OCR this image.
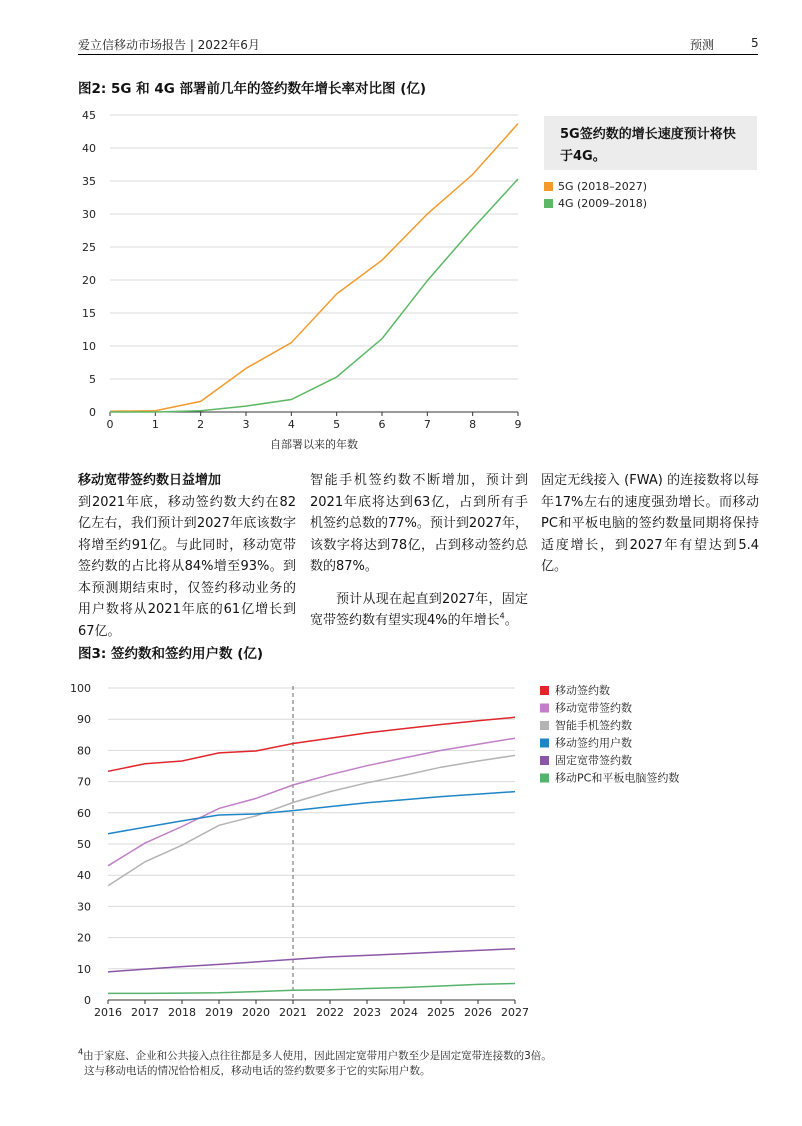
爱立信移动市场报告 | 2022年6月	预测	5
图2: 5G 和 4G 部署前几年的签约数年增长率对比图 (亿)
0
5
10
15
20
25
30
35
40
45
0	1	2	3	4	5	6	7	8	9
自部署以来的年数
5G签约数的增长速度预计将快于4G。
5G (2018–2027)
4G (2009–2018)
移动宽带签约数日益增加

到2021年底，移动签约数大约在82亿左右，我们预计到2027年底该数字将增至约91亿。与此同时，移动宽带签约数的占比将从84%增至93%。到本预测期结束时，仅签约移动业务的用户数将从2021年底的61亿增长到67亿。

智能手机签约数不断增加，预计到2021年底将达到63亿，占到所有手机签约总数的77%。预计到2027年，该数字将达到78亿，占到移动签约总数的87%。

预计从现在起直到2027年，固定宽带签约数有望实现4%的年增长$^4$。

固定无线接入 (FWA) 的连接数将以每年17%左右的速度强劲增长。而移动PC和平板电脑的签约数量同期将保持适度增长，到2027年有望达到5.4亿。

图3: 签约数和签约用户数 (亿)
0
10
20
30
40
50
60
70
80
90
100
2016 2017 2018 2019 2020 2021 2022 2023 2024 2025 2026 2027
移动签约数
移动宽带签约数
智能手机签约数
移动签约用户数
固定宽带签约数
移动PC和平板电脑签约数
$^4$由于家庭、企业和公共接入点往往都是多人使用，因此固定宽带用户数至少是固定宽带连接数的3倍。
这与移动电话的情况恰恰相反，移动电话的签约数要多于它的实际用户数。
